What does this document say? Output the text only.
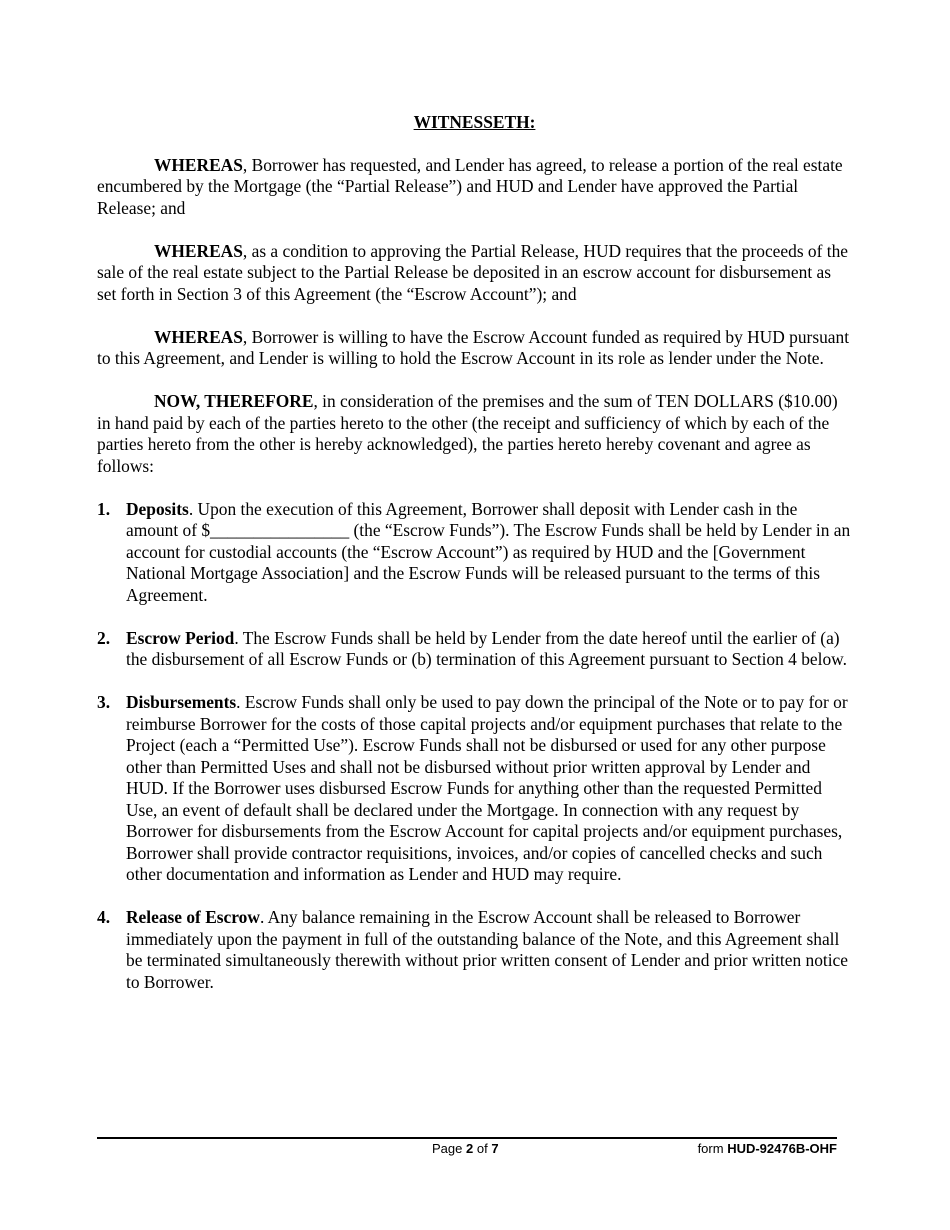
WITNESSETH:

WHEREAS, Borrower has requested, and Lender has agreed, to release a portion of the real estate encumbered by the Mortgage (the “Partial Release”) and HUD and Lender have approved the Partial Release; and

WHEREAS, as a condition to approving the Partial Release, HUD requires that the proceeds of the sale of the real estate subject to the Partial Release be deposited in an escrow account for disbursement as set forth in Section 3 of this Agreement (the “Escrow Account”); and

WHEREAS, Borrower is willing to have the Escrow Account funded as required by HUD pursuant to this Agreement, and Lender is willing to hold the Escrow Account in its role as lender under the Note.

NOW, THEREFORE, in consideration of the premises and the sum of TEN DOLLARS ($10.00) in hand paid by each of the parties hereto to the other (the receipt and sufficiency of which by each of the parties hereto from the other is hereby acknowledged), the parties hereto hereby covenant and agree as follows:

1. Deposits. Upon the execution of this Agreement, Borrower shall deposit with Lender cash in the amount of $________________ (the “Escrow Funds”). The Escrow Funds shall be held by Lender in an account for custodial accounts (the “Escrow Account”) as required by HUD and the [Government National Mortgage Association] and the Escrow Funds will be released pursuant to the terms of this Agreement.
2. Escrow Period. The Escrow Funds shall be held by Lender from the date hereof until the earlier of (a) the disbursement of all Escrow Funds or (b) termination of this Agreement pursuant to Section 4 below.
3. Disbursements. Escrow Funds shall only be used to pay down the principal of the Note or to pay for or reimburse Borrower for the costs of those capital projects and/or equipment purchases that relate to the Project (each a “Permitted Use”). Escrow Funds shall not be disbursed or used for any other purpose other than Permitted Uses and shall not be disbursed without prior written approval by Lender and HUD. If the Borrower uses disbursed Escrow Funds for anything other than the requested Permitted Use, an event of default shall be declared under the Mortgage. In connection with any request by Borrower for disbursements from the Escrow Account for capital projects and/or equipment purchases, Borrower shall provide contractor requisitions, invoices, and/or copies of cancelled checks and such other documentation and information as Lender and HUD may require.
4. Release of Escrow. Any balance remaining in the Escrow Account shall be released to Borrower immediately upon the payment in full of the outstanding balance of the Note, and this Agreement shall be terminated simultaneously therewith without prior written consent of Lender and prior written notice to Borrower.
Page 2 of 7	form HUD-92476B-OHF
